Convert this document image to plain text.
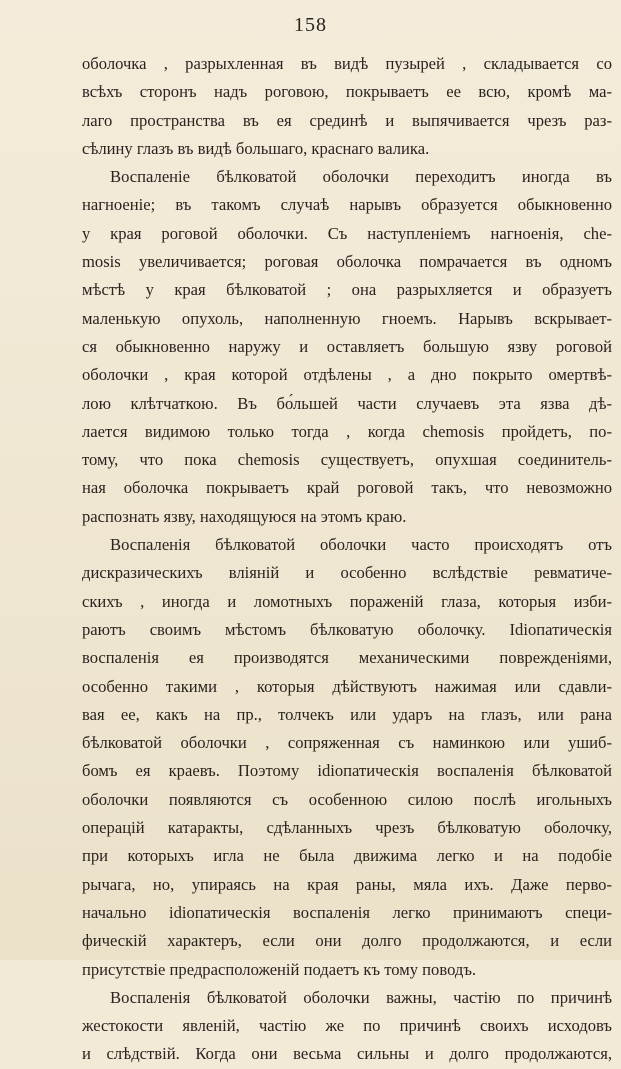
158
оболочка , разрыхленная въ видѣ пузырей , складывается со
всѣхъ сторонъ надъ роговою, покрываетъ ее всю, кромѣ ма-
лаго пространства въ ея срединѣ и выпячивается чрезъ раз-
сѣлину глазъ въ видѣ большаго, краснаго валика.
Воспаленіе бѣлковатой оболочки переходитъ иногда въ
нагноеніе; въ такомъ случаѣ нарывъ образуется обыкновенно
у края роговой оболочки. Съ наступленіемъ нагноенія, che-
mosis увеличивается; роговая оболочка помрачается въ одномъ
мѣстѣ у края бѣлковатой ; она разрыхляется и образуетъ
маленькую опухоль, наполненную гноемъ. Нарывъ вскрывает-
ся обыкновенно наружу и оставляетъ большую язву роговой
оболочки , края которой отдѣлены , а дно покрыто омертвѣ-
лою клѣтчаткою. Въ бо́льшей части случаевъ эта язва дѣ-
лается видимою только тогда , когда chemosis пройдетъ, по-
тому, что пока chemosis существуетъ, опухшая соединитель-
ная оболочка покрываетъ край роговой такъ, что невозможно
распознать язву, находящуюся на этомъ краю.
Воспаленія бѣлковатой оболочки часто происходятъ отъ
дискразическихъ вліяній и особенно вслѣдствіе ревматиче-
скихъ , иногда и ломотныхъ пораженій глаза, которыя изби-
раютъ своимъ мѣстомъ бѣлковатую оболочку. Idіопатическія
воспаленія ея производятся механическими поврежденіями,
особенно такими , которыя дѣйствуютъ нажимая или сдавли-
вая ее, какъ на пр., толчекъ или ударъ на глазъ, или рана
бѣлковатой оболочки , сопряженная съ наминкою или ушиб-
бомъ ея краевъ. Поэтому idіопатическія воспаленія бѣлковатой
оболочки появляются съ особенною силою послѣ игольныхъ
операцій катаракты, сдѣланныхъ чрезъ бѣлковатую оболочку,
при которыхъ игла не была движима легко и на подобіе
рычага, но, упираясь на края раны, мяла ихъ. Даже перво-
начально idіопатическія воспаленія легко принимаютъ специ-
фическій характеръ, если они долго продолжаются, и если
присутствіе предрасположеній подаетъ къ тому поводъ.
Воспаленія бѣлковатой оболочки важны, частію по причинѣ
жестокости явленій, частію же по причинѣ своихъ исходовъ
и слѣдствій. Когда они весьма сильны и долго продолжаются,
